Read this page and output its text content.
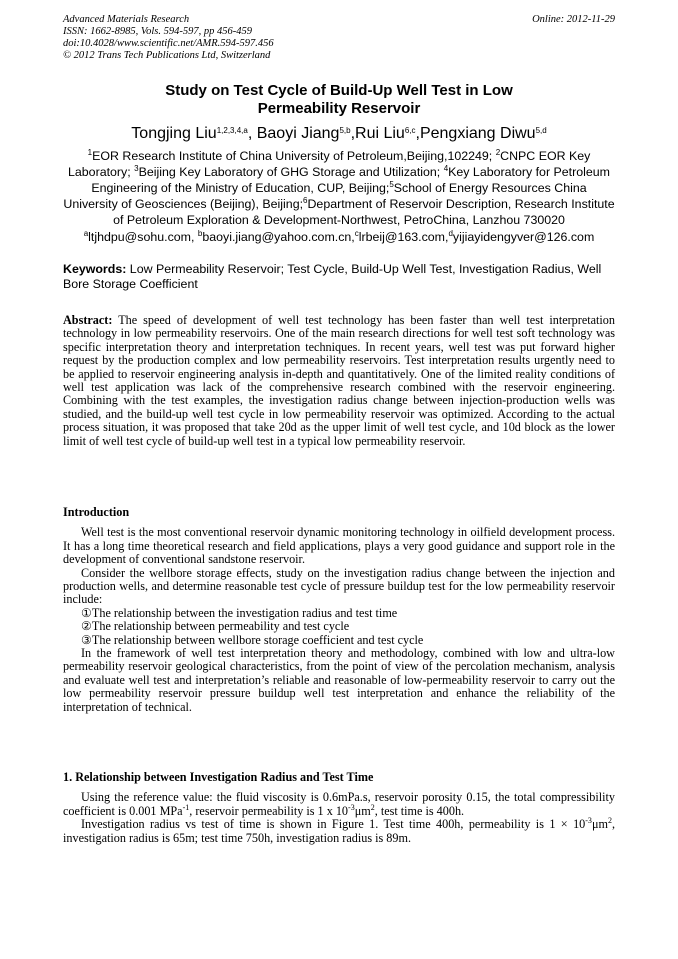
Advanced Materials Research
ISSN: 1662-8985, Vols. 594-597, pp 456-459
doi:10.4028/www.scientific.net/AMR.594-597.456
© 2012 Trans Tech Publications Ltd, Switzerland
Online: 2012-11-29
Study on Test Cycle of Build-Up Well Test in Low Permeability Reservoir
Tongjing Liu$^{1,2,3,4,a}$, Baoyi Jiang$^{5,b}$,Rui Liu$^{6,c}$,Pengxiang Diwu$^{5,d}$
$^1$EOR Research Institute of China University of Petroleum,Beijing,102249; $^2$CNPC EOR Key Laboratory; $^3$Beijing Key Laboratory of GHG Storage and Utilization; $^4$Key Laboratory for Petroleum Engineering of the Ministry of Education, CUP, Beijing;$^5$School of Energy Resources China University of Geosciences (Beijing), Beijing;$^6$Department of Reservoir Description, Research Institute of Petroleum Exploration & Development-Northwest, PetroChina, Lanzhou 730020
$^a$ltjhdpu@sohu.com, $^b$baoyi.jiang@yahoo.com.cn,$^c$lrbeij@163.com,$^d$yijiayidengyver@126.com
Keywords: Low Permeability Reservoir; Test Cycle, Build-Up Well Test, Investigation Radius, Well Bore Storage Coefficient

Abstract: The speed of development of well test technology has been faster than well test interpretation technology in low permeability reservoirs. One of the main research directions for well test soft technology was specific interpretation theory and interpretation techniques. In recent years, well test was put forward higher request by the production complex and low permeability reservoirs. Test interpretation results urgently need to be applied to reservoir engineering analysis in-depth and quantitatively. One of the limited reality conditions of well test application was lack of the comprehensive research combined with the reservoir engineering. Combining with the test examples, the investigation radius change between injection-production wells was studied, and the build-up well test cycle in low permeability reservoir was optimized. According to the actual process situation, it was proposed that take 20d as the upper limit of well test cycle, and 10d block as the lower limit of well test cycle of build-up well test in a typical low permeability reservoir.

Introduction

Well test is the most conventional reservoir dynamic monitoring technology in oilfield development process. It has a long time theoretical research and field applications, plays a very good guidance and support role in the development of conventional sandstone reservoir.

Consider the wellbore storage effects, study on the investigation radius change between the injection and production wells, and determine reasonable test cycle of pressure buildup test for the low permeability reservoir include:

①The relationship between the investigation radius and test time

②The relationship between permeability and test cycle

③The relationship between wellbore storage coefficient and test cycle

In the framework of well test interpretation theory and methodology, combined with low and ultra-low permeability reservoir geological characteristics, from the point of view of the percolation mechanism, analysis and evaluate well test and interpretation’s reliable and reasonable of low-permeability reservoir to carry out the low permeability reservoir pressure buildup well test interpretation and enhance the reliability of the interpretation of technical.

1. Relationship between Investigation Radius and Test Time

Using the reference value: the fluid viscosity is 0.6mPa.s, reservoir porosity 0.15, the total compressibility coefficient is 0.001 MPa$^{-1}$, reservoir permeability is 1 x $10^{-3}\mu m^2$, test time is 400h.

Investigation radius vs test of time is shown in Figure 1. Test time 400h, permeability is $1 \times 10^{-3}\mu m^2$, investigation radius is 65m; test time 750h, investigation radius is 89m.
